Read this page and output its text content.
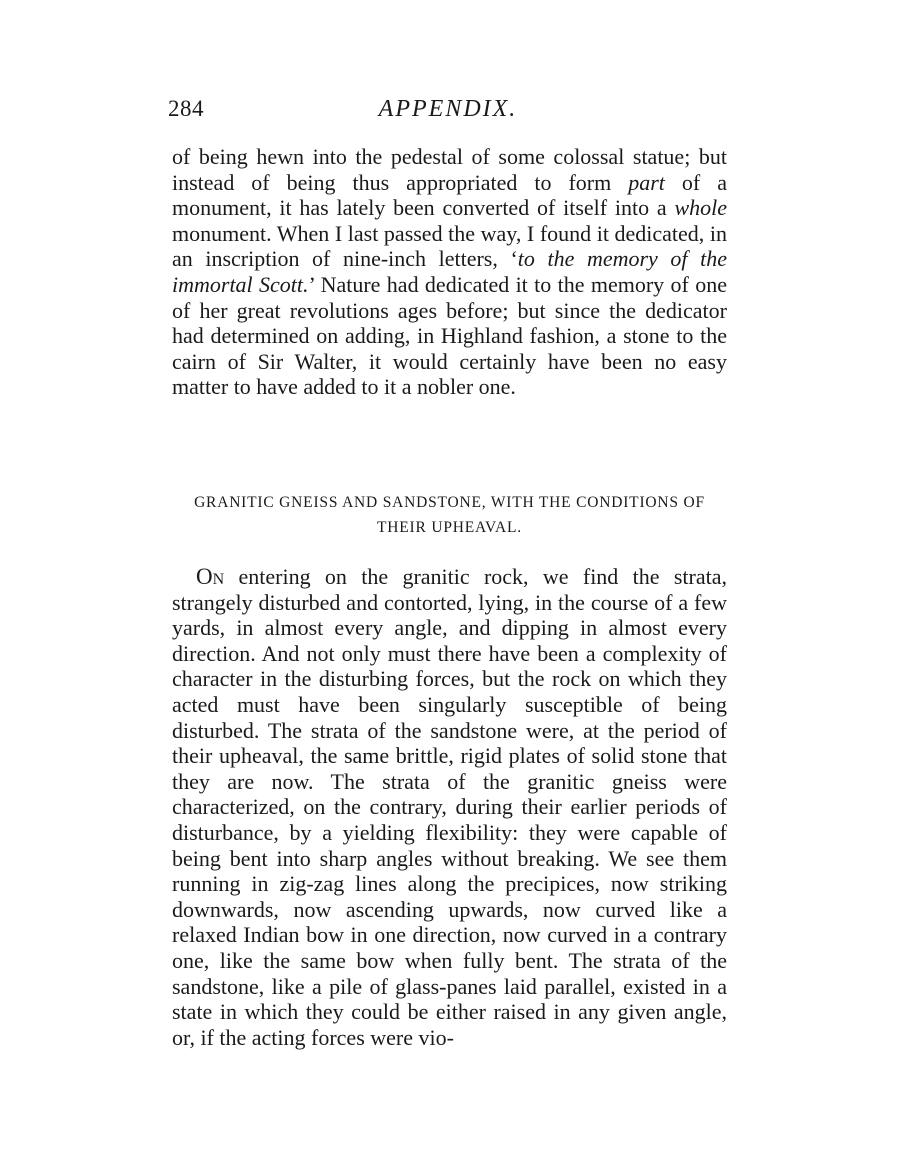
284	APPENDIX.

of being hewn into the pedestal of some colossal statue; but instead of being thus appropriated to form part of a monument, it has lately been converted of itself into a whole monument. When I last passed the way, I found it dedicated, in an inscription of nine-inch letters, ‘to the memory of the immortal Scott.’ Nature had dedicated it to the memory of one of her great revolutions ages before; but since the dedicator had determined on adding, in Highland fashion, a stone to the cairn of Sir Walter, it would certainly have been no easy matter to have added to it a nobler one.

GRANITIC GNEISS AND SANDSTONE, WITH THE CONDITIONS OF
THEIR UPHEAVAL.

On entering on the granitic rock, we find the strata, strangely disturbed and contorted, lying, in the course of a few yards, in almost every angle, and dipping in almost every direction. And not only must there have been a complexity of character in the disturbing forces, but the rock on which they acted must have been singularly susceptible of being disturbed. The strata of the sandstone were, at the period of their upheaval, the same brittle, rigid plates of solid stone that they are now. The strata of the granitic gneiss were characterized, on the contrary, during their earlier periods of disturbance, by a yielding flexibility: they were capable of being bent into sharp angles without breaking. We see them running in zig-zag lines along the precipices, now striking downwards, now ascending upwards, now curved like a relaxed Indian bow in one direction, now curved in a contrary one, like the same bow when fully bent. The strata of the sandstone, like a pile of glass-panes laid parallel, existed in a state in which they could be either raised in any given angle, or, if the acting forces were vio-
